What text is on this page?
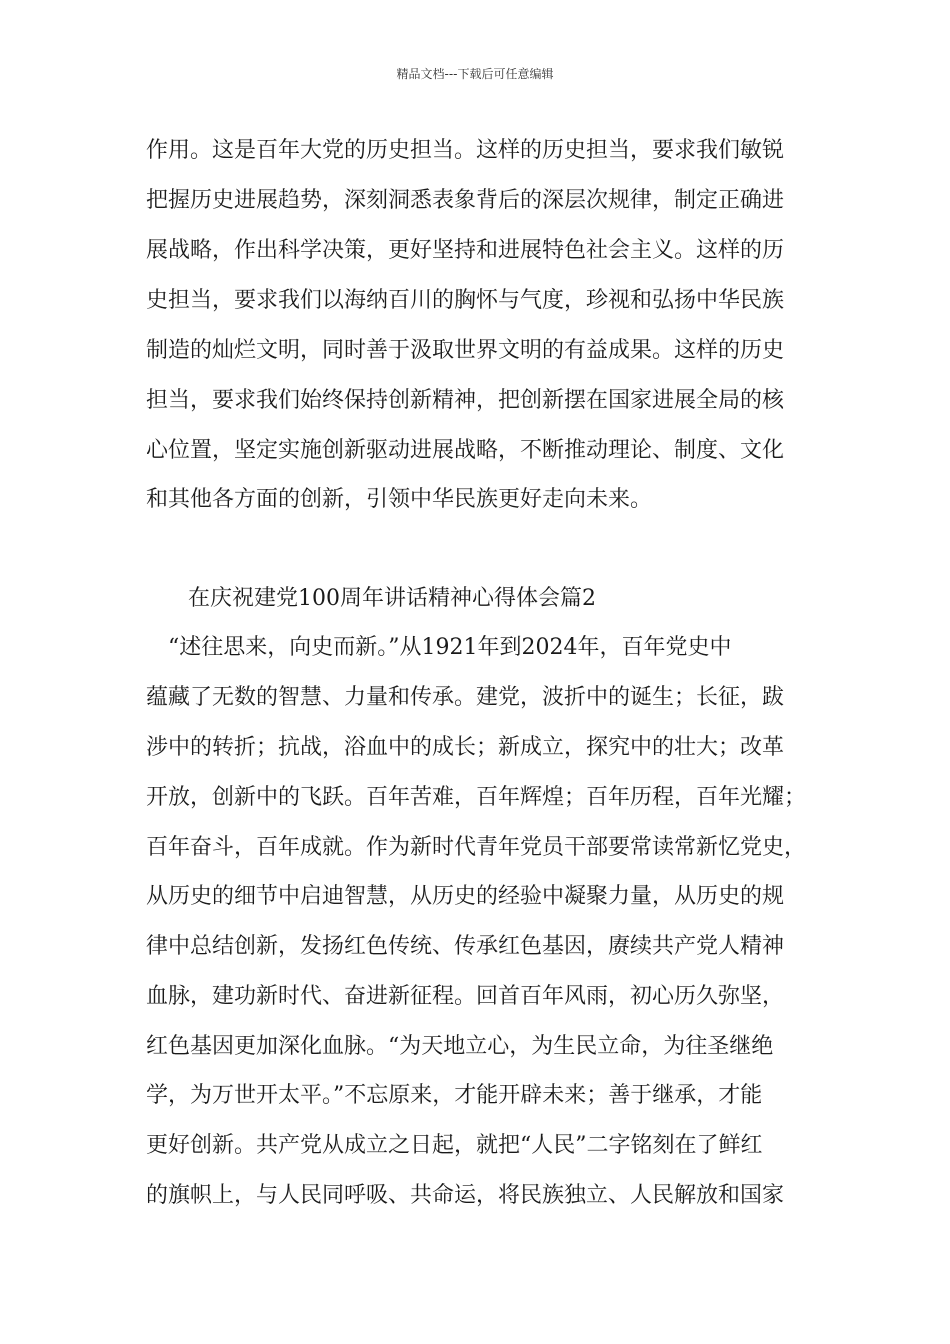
精品文档---下载后可任意编辑
作用。这是百年大党的历史担当。这样的历史担当，要求我们敏锐
把握历史进展趋势，深刻洞悉表象背后的深层次规律，制定正确进
展战略，作出科学决策，更好坚持和进展特色社会主义。这样的历
史担当，要求我们以海纳百川的胸怀与气度，珍视和弘扬中华民族
制造的灿烂文明，同时善于汲取世界文明的有益成果。这样的历史
担当，要求我们始终保持创新精神，把创新摆在国家进展全局的核
心位置，坚定实施创新驱动进展战略，不断推动理论、制度、文化
和其他各方面的创新，引领中华民族更好走向未来。
在庆祝建党100周年讲话精神心得体会篇2
　“述往思来，向史而新。”从1921年到2024年，百年党史中
蕴藏了无数的智慧、力量和传承。建党，波折中的诞生；长征，跋
涉中的转折；抗战，浴血中的成长；新成立，探究中的壮大；改革
开放，创新中的飞跃。百年苦难，百年辉煌；百年历程，百年光耀；
百年奋斗，百年成就。作为新时代青年党员干部要常读常新忆党史，
从历史的细节中启迪智慧，从历史的经验中凝聚力量，从历史的规
律中总结创新，发扬红色传统、传承红色基因，赓续共产党人精神
血脉，建功新时代、奋进新征程。回首百年风雨，初心历久弥坚，
红色基因更加深化血脉。“为天地立心，为生民立命，为往圣继绝
学，为万世开太平。”不忘原来，才能开辟未来；善于继承，才能
更好创新。共产党从成立之日起，就把“人民”二字铭刻在了鲜红
的旗帜上，与人民同呼吸、共命运，将民族独立、人民解放和国家
